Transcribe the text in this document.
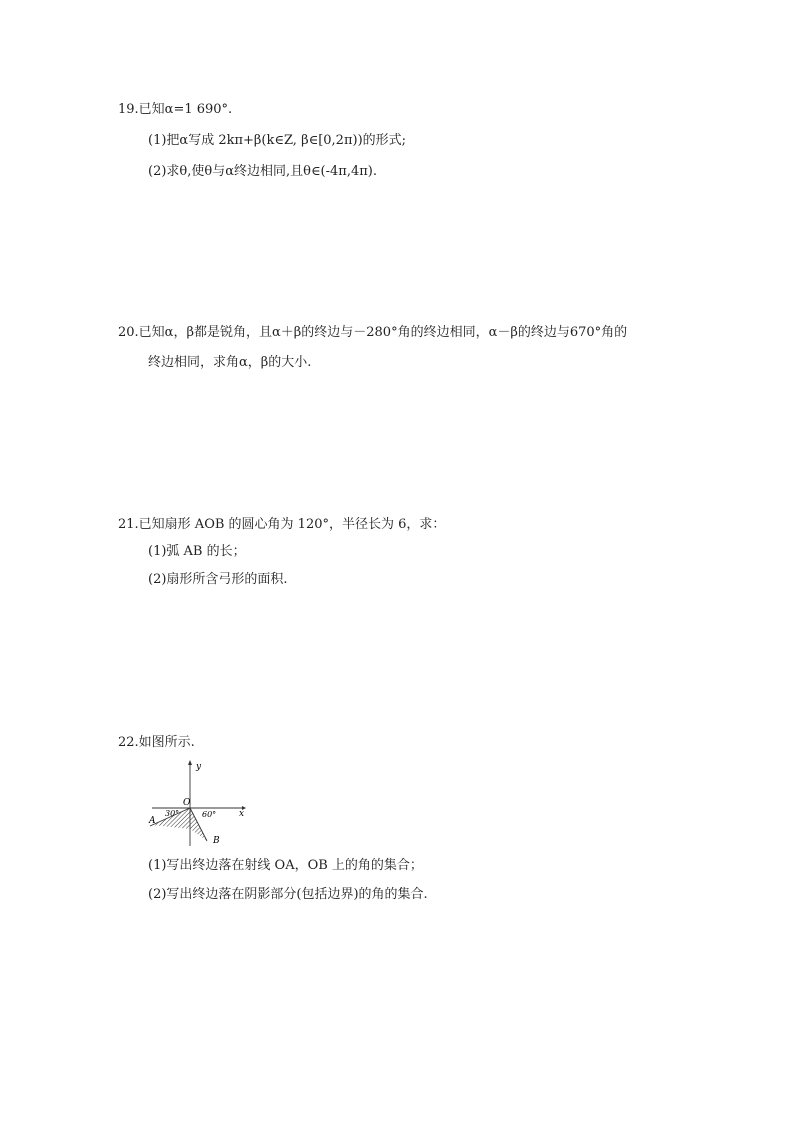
19.已知α=1 690°.
(1)把α写成 2kπ+β(k∈Z, β∈[0,2π))的形式;
(2)求θ,使θ与α终边相同,且θ∈(-4π,4π).
20.已知α，β都是锐角，且α＋β的终边与－280°角的终边相同，α－β的终边与670°角的
终边相同，求角α，β的大小.
21.已知扇形 AOB 的圆心角为 120°，半径长为 6，求：
(1)弧 AB 的长；
(2)扇形所含弓形的面积.
22.如图所示.
y
x
O
30°	60°
A
B
(1)写出终边落在射线 OA，OB 上的角的集合；
(2)写出终边落在阴影部分(包括边界)的角的集合.
